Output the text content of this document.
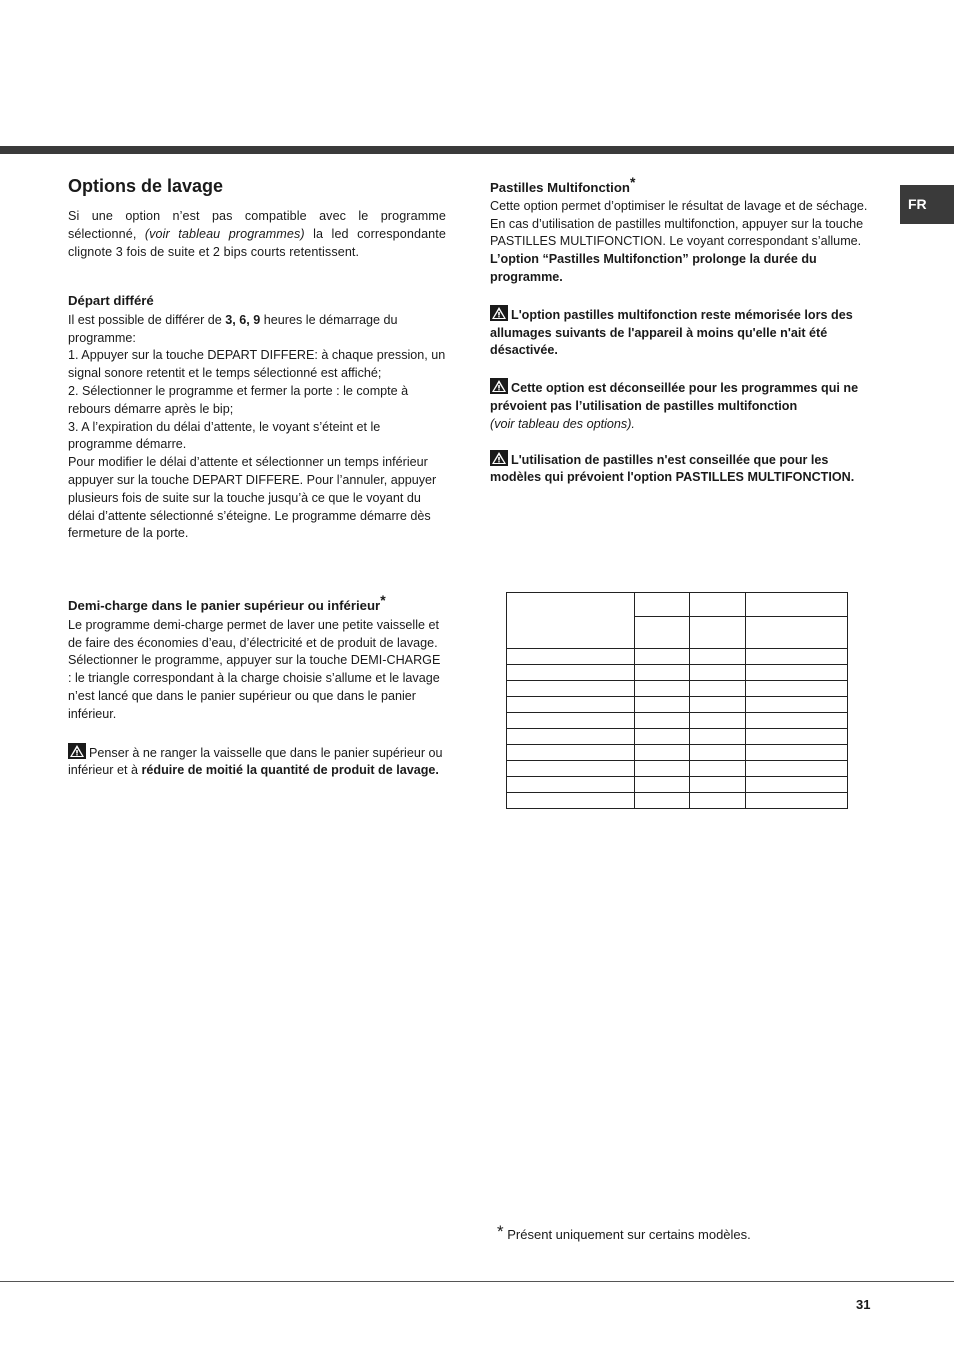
FR
Options de lavage

Si une option n’est pas compatible avec le programme sélectionné, (voir tableau programmes) la led correspondante clignote 3 fois de suite et 2 bips courts retentissent.

Départ différé

Il est possible de différer de 3, 6, 9 heures le démarrage du programme:

1. Appuyer sur la touche DEPART DIFFERE: à chaque pression, un signal sonore retentit et le temps sélectionné est affiché;

2. Sélectionner le programme et fermer la porte : le compte à rebours démarre après le bip;

3. A l’expiration du délai d’attente, le voyant s’éteint et le programme démarre.

Pour modifier le délai d’attente et sélectionner un temps inférieur appuyer sur la touche DEPART DIFFERE. Pour l’annuler, appuyer plusieurs fois de suite sur la touche jusqu’à ce que le voyant du délai d’attente sélectionné s’éteigne. Le programme démarre dès fermeture de la porte.

Demi-charge dans le panier supérieur ou inférieur*

Le programme demi-charge permet de laver une petite vaisselle et de faire des économies d’eau, d’électricité et de produit de lavage. Sélectionner le programme, appuyer sur la touche DEMI-CHARGE : le triangle correspondant à la charge choisie s’allume et le lavage n’est lancé que dans le panier supérieur ou que dans le panier inférieur.

Penser à ne ranger la vaisselle que dans le panier supérieur ou inférieur et à réduire de moitié la quantité de produit de lavage.

Pastilles Multifonction*

Cette option permet d’optimiser le résultat de lavage et de séchage.

En cas d’utilisation de pastilles multifonction, appuyer sur la touche PASTILLES MULTIFONCTION. Le voyant correspondant s’allume.  L’option “Pastilles Multifonction” prolonge la durée du programme.

L'option pastilles multifonction reste mémorisée lors des allumages suivants de l'appareil à moins qu'elle n'ait été désactivée.

Cette option est déconseillée pour les programmes qui ne prévoient pas l’utilisation de pastilles multifonction
(voir tableau des options).

L'utilisation de pastilles n'est conseillée que pour les modèles qui prévoient l'option PASTILLES MULTIFONCTION.

* Présent uniquement sur certains modèles.
31
